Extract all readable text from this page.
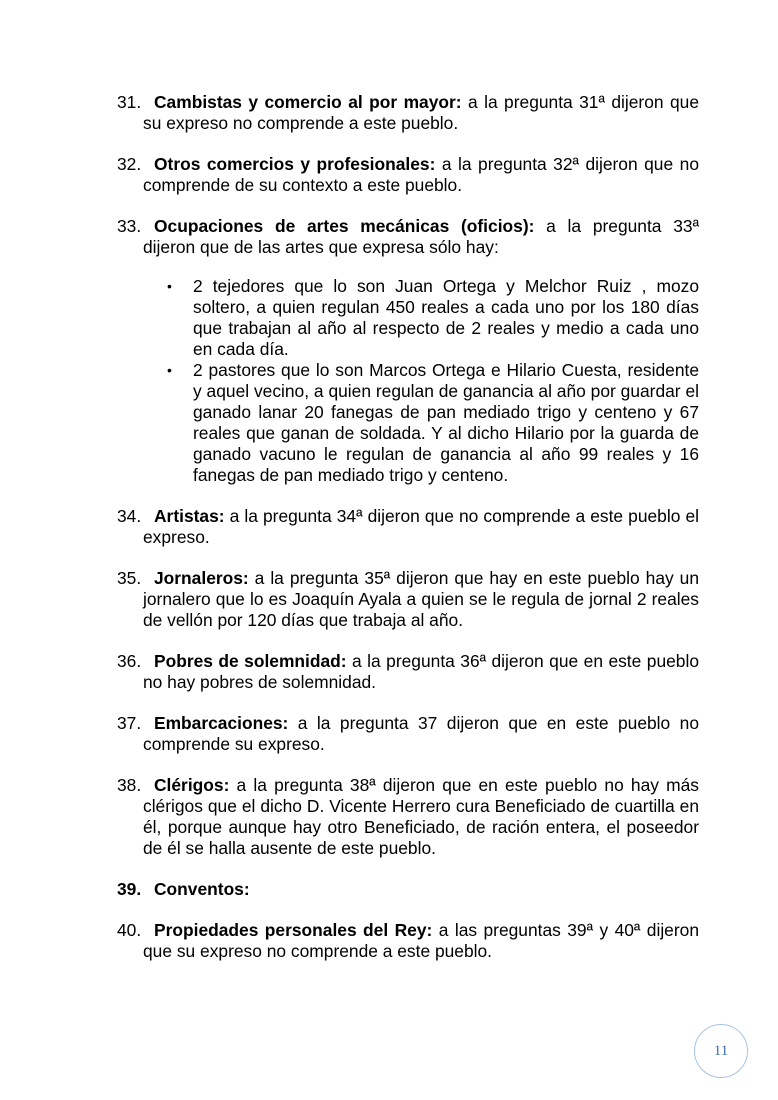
31. Cambistas y comercio al por mayor: a la pregunta 31ª dijeron que su expreso no comprende a este pueblo.

32. Otros comercios y profesionales: a la pregunta 32ª dijeron que no comprende de su contexto a este pueblo.

33. Ocupaciones de artes mecánicas (oficios): a la pregunta 33ª dijeron que de las artes que expresa sólo hay:

•	2 tejedores que lo son Juan Ortega y Melchor Ruiz , mozo soltero, a quien regulan 450 reales a cada uno por los 180 días que trabajan al año al respecto de 2 reales y medio a cada uno en cada día.
•	2 pastores que lo son Marcos Ortega e Hilario Cuesta, residente y aquel vecino, a quien regulan de ganancia al año por guardar el ganado lanar 20 fanegas de pan mediado trigo y centeno y 67 reales que ganan de soldada. Y al dicho Hilario por la guarda de ganado vacuno le regulan de ganancia al año 99 reales y 16 fanegas de pan mediado trigo y centeno.

34. Artistas: a la pregunta 34ª dijeron que no comprende a este pueblo el expreso.

35. Jornaleros: a la pregunta 35ª dijeron que hay en este pueblo hay un jornalero que lo es Joaquín Ayala a quien se le regula de jornal 2 reales de vellón por 120 días que trabaja al año.

36. Pobres de solemnidad: a la pregunta 36ª dijeron que en este pueblo no hay pobres de solemnidad.

37. Embarcaciones: a la pregunta 37 dijeron que en este pueblo no comprende su expreso.

38. Clérigos: a la pregunta 38ª dijeron que en este pueblo no hay más clérigos que el dicho D. Vicente Herrero cura Beneficiado de cuartilla en él, porque aunque hay otro Beneficiado, de ración entera, el poseedor de él se halla ausente de este pueblo.

39. Conventos:

40. Propiedades personales del Rey: a las preguntas 39ª y 40ª dijeron que su expreso no comprende a este pueblo.

11
